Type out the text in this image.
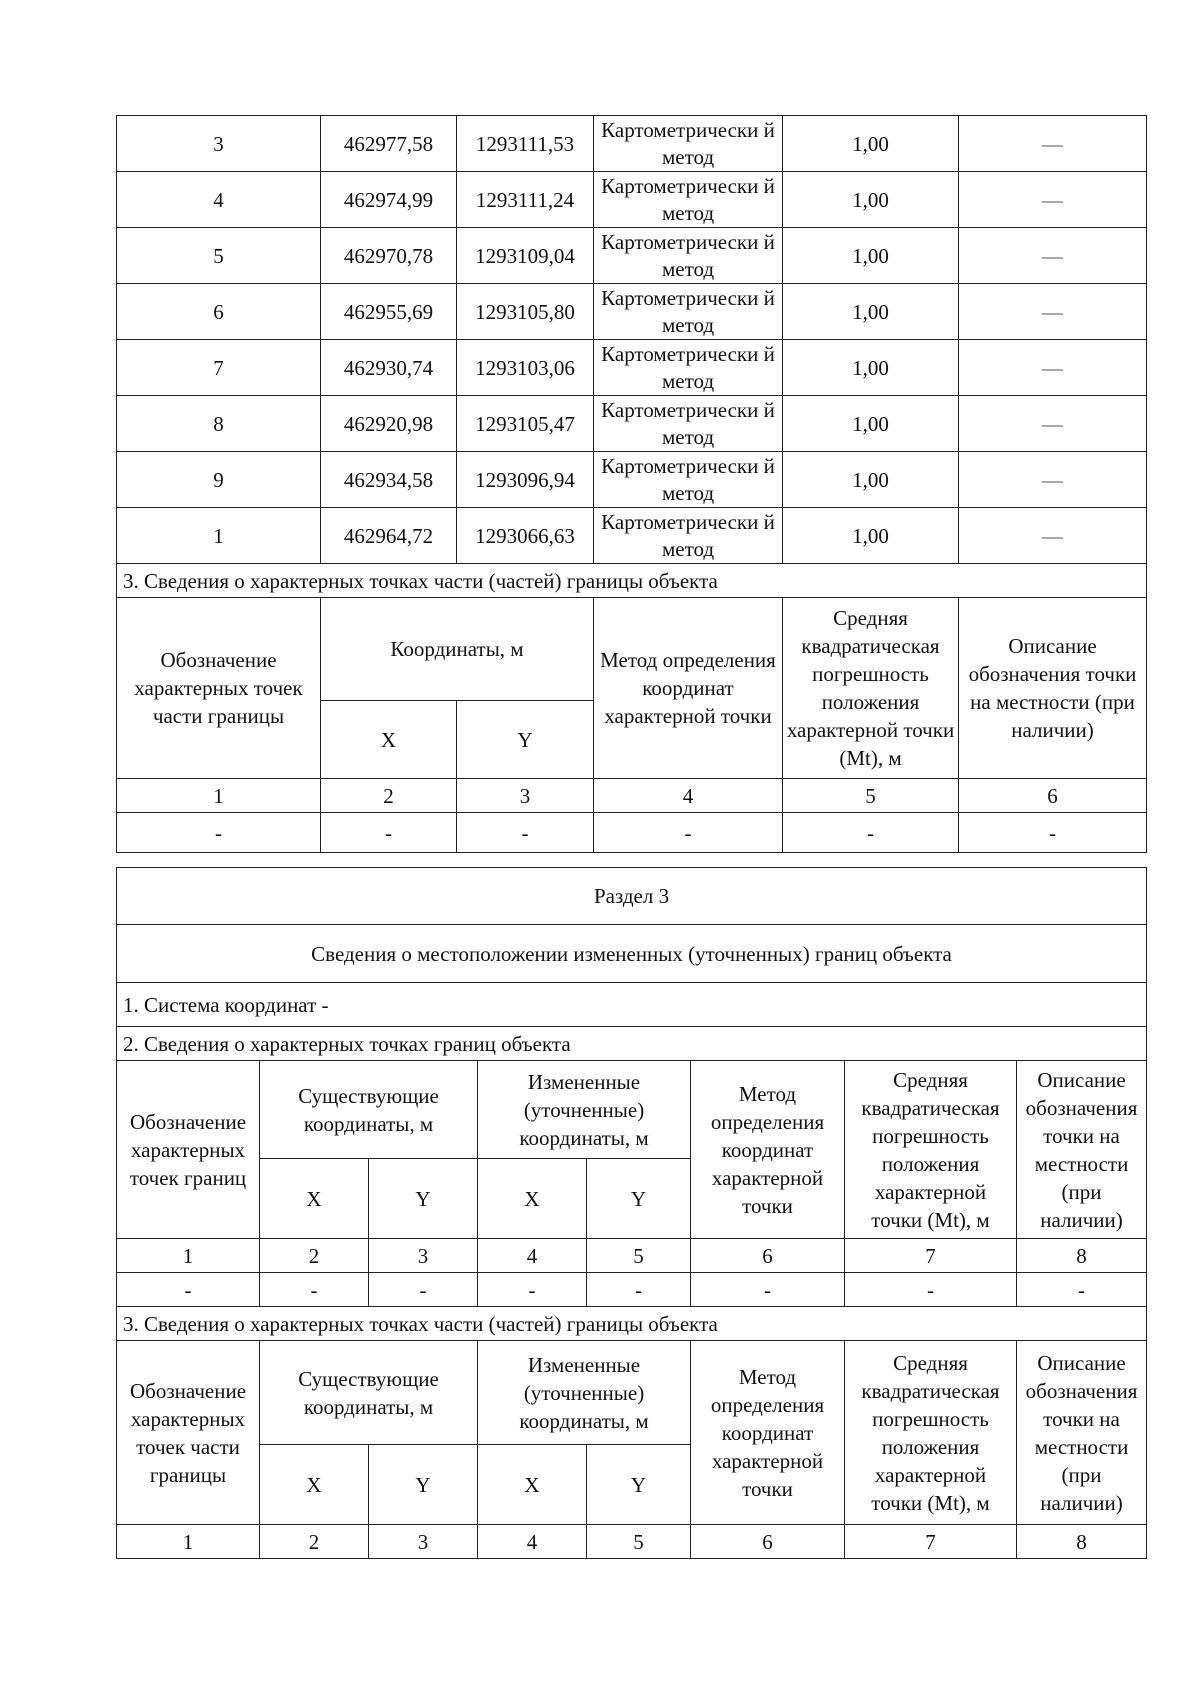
3	462977,58	1293111,53	Картометрически й метод	1,00	—
4	462974,99	1293111,24	Картометрически й метод	1,00	—
5	462970,78	1293109,04	Картометрически й метод	1,00	—
6	462955,69	1293105,80	Картометрически й метод	1,00	—
7	462930,74	1293103,06	Картометрически й метод	1,00	—
8	462920,98	1293105,47	Картометрически й метод	1,00	—
9	462934,58	1293096,94	Картометрически й метод	1,00	—
1	462964,72	1293066,63	Картометрически й метод	1,00	—
3. Сведения о характерных точках части (частей) границы объекта					
Обозначение характерных точек части границы	Координаты, м		Метод определения координат характерной точки	Средняя квадратическая погрешность положения характерной точки (Mt), м	Описание обозначения точки на местности (при наличии)
	X	Y			
1	2	3	4	5	6
-	-	-	-	-	-
Раздел 3							
Сведения о местоположении измененных (уточненных) границ объекта							
1. Система координат -							
2. Сведения о характерных точках границ объекта							
Обозначение характерных точек границ	Существующие координаты, м		Измененные (уточненные) координаты, м		Метод определения координат характерной точки	Средняя квадратическая погрешность положения характерной точки (Mt), м	Описание обозначения точки на местности (при наличии)
	X	Y	X	Y			
1	2	3	4	5	6	7	8
-	-	-	-	-	-	-	-
3. Сведения о характерных точках части (частей) границы объекта							
Обозначение характерных точек части границы	Существующие координаты, м		Измененные (уточненные) координаты, м		Метод определения координат характерной точки	Средняя квадратическая погрешность положения характерной точки (Mt), м	Описание обозначения точки на местности (при наличии)
	X	Y	X	Y			
1	2	3	4	5	6	7	8
